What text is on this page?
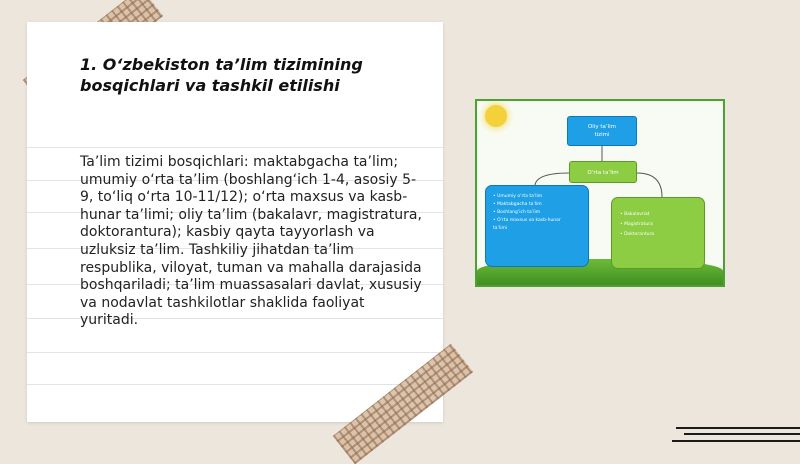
1. O‘zbekiston ta’lim tizimining
bosqichlari va tashkil etilishi
Ta’lim tizimi bosqichlari: maktabgacha ta’lim; umumiy o‘rta ta’lim (boshlang‘ich 1-4, asosiy 5-9, to‘liq o‘rta 10-11/12); o‘rta maxsus va kasb-hunar ta’limi; oliy ta’lim (bakalavr, magistratura, doktorantura); kasbiy qayta tayyorlash va uzluksiz ta’lim. Tashkiliy jihatdan ta’lim respublika, viloyat, tuman va mahalla darajasida boshqariladi; ta’lim muassasalari davlat, xususiy va nodavlat tashkilotlar shaklida faoliyat yuritadi.
Oliy ta’lim
tizimi
O‘rta ta’lim
• Umumiy o‘rta ta’lim
• Maktabgacha ta’lim
• Boshlang‘ich ta’lim
• O‘rta maxsus va kasb-hunar
ta’limi
• Bakalavriat
• Magistratura
• Doktorantura
